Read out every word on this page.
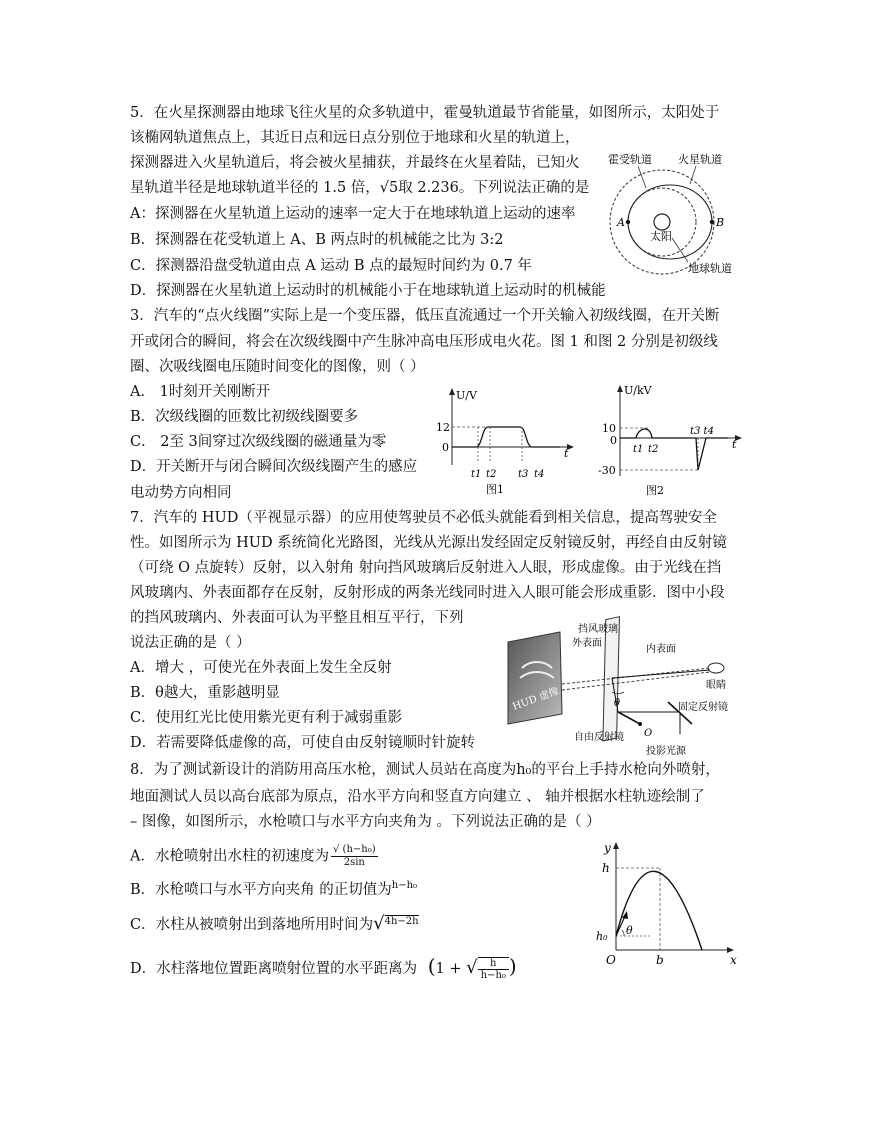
5．在火星探测器由地球飞往火星的众多轨道中，霍曼轨道最节省能量，如图所示，太阳处于
该椭网轨道焦点上，其近日点和远日点分别位于地球和火星的轨道上，
探测器进入火星轨道后，将会被火星捕获，并最终在火星着陆，已知火
星轨道半径是地球轨道半径的 1.5 倍，√5取 2.236。下列说法正确的是
A：探测器在火星轨道上运动的速率一定大于在地球轨道上运动的速率
B．探测器在花受轨道上 A、B 两点时的机械能之比为 3:2
C．探测器沿盘受轨道由点 A 运动 B 点的最短时间约为 0.7 年
D．探测器在火星轨道上运动时的机械能小于在地球轨道上运动时的机械能
霍受轨道 火星轨道
太阳
地球轨道
A	B
3．汽车的“点火线圈”实际上是一个变压器，低压直流通过一个开关输入初级线圈，在开关断
开或闭合的瞬间，将会在次级线圈中产生脉冲高电压形成电火花。图 1 和图 2 分别是初级线
圈、次吸线圈电压随时间变化的图像，则（ ）
A． 1时刻开关刚断开
B．次级线圈的匝数比初级线圈要多
C． 2至 3间穿过次级线圈的磁通量为零
D．开关断开与闭合瞬间次级线圈产生的感应
电动势方向相同
U/V
12
0	t
t1 t2 t3 t4
图1
U/kV
10
-30
0	t
t1 t2
t3 t4
图2
7．汽车的 HUD（平视显示器）的应用使驾驶员不必低头就能看到相关信息，提高驾驶安全
性。如图所示为 HUD 系统简化光路图，光线从光源出发经固定反射镜反射，再经自由反射镜
（可绕 O 点旋转）反射，以入射角 射向挡风玻璃后反射进入人眼，形成虚像。由于光线在挡
风玻璃内、外表面都存在反射，反射形成的两条光线同时进入人眼可能会形成重影．图中小段
的挡风玻璃内、外表面可认为平整且相互平行，下列
说法正确的是（ ）
A．增大 ，可使光在外表面上发生全反射
B．θ越大，重影越明显
C．使用红光比使用紫光更有利于减弱重影
D．若需要降低虚像的高，可使自由反射镜顺时针旋转
HUD 虚像
挡风玻璃
外表面
内表面
眼睛
θ	固定反射镜
自由反射镜 O
投影光源
8．为了测试新设计的消防用高压水枪，测试人员站在高度为h₀的平台上手持水枪向外喷射，
地面测试人员以高台底部为原点，沿水平方向和竖直方向建立 、 轴并根据水柱轨迹绘制了
– 图像，如图所示，水枪喷口与水平方向夹角为 。下列说法正确的是（ ）
A．水枪喷射出水柱的初速度为 $\frac{\text{√ (h−h₀)}}{2\sin}$
B．水枪喷口与水平方向夹角 的正切值为$^{h-h_0}$
C．水柱从被喷射出到落地所用时间为√$^{4h-2h}$
D．水柱落地位置距离喷射位置的水平距离为 (1 + √ $\frac{h}{\text{h−h₀}}$ )
y
x
h
h₀
O	b
θ
